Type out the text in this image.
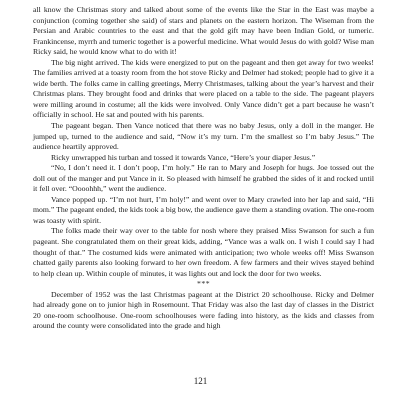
all know the Christmas story and talked about some of the events like the Star in the East was maybe a conjunction (coming together she said) of stars and planets on the eastern horizon. The Wiseman from the Persian and Arabic countries to the east and that the gold gift may have been Indian Gold, or tumeric. Frankincense, myrrh and tumeric together is a powerful medicine. What would Jesus do with gold? Wise man Ricky said, he would know what to do with it!

The big night arrived. The kids were energized to put on the pageant and then get away for two weeks! The families arrived at a toasty room from the hot stove Ricky and Delmer had stoked; people had to give it a wide berth. The folks came in calling greetings, Merry Christmases, talking about the year’s harvest and their Christmas plans. They brought food and drinks that were placed on a table to the side. The pageant players were milling around in costume; all the kids were involved. Only Vance didn’t get a part because he wasn’t officially in school. He sat and pouted with his parents.

The pageant began. Then Vance noticed that there was no baby Jesus, only a doll in the manger. He jumped up, turned to the audience and said, “Now it’s my turn. I’m the smallest so I’m baby Jesus.” The audience heartily approved.

Ricky unwrapped his turban and tossed it towards Vance, “Here’s your diaper Jesus.”

“No, I don’t need it. I don’t poop, I’m holy.” He ran to Mary and Joseph for hugs. Joe tossed out the doll out of the manger and put Vance in it. So pleased with himself he grabbed the sides of it and rocked until it fell over. “Oooohhh,” went the audience.

Vance popped up. “I’m not hurt, I’m holy!” and went over to Mary crawled into her lap and said, “Hi mom.” The pageant ended, the kids took a big bow, the audience gave them a standing ovation. The one-room was toasty with spirit.

The folks made their way over to the table for nosh where they praised Miss Swanson for such a fun pageant. She congratulated them on their great kids, adding, “Vance was a walk on. I wish I could say I had thought of that.” The costumed kids were animated with anticipation; two whole weeks off! Miss Swanson chatted gaily parents also looking forward to her own freedom. A few farmers and their wives stayed behind to help clean up. Within couple of minutes, it was lights out and lock the door for two weeks.

***

December of 1952 was the last Christmas pageant at the District 20 schoolhouse. Ricky and Delmer had already gone on to junior high in Rosemount. That Friday was also the last day of classes in the District 20 one-room schoolhouse. One-room schoolhouses were fading into history, as the kids and classes from around the county were consolidated into the grade and high

121
